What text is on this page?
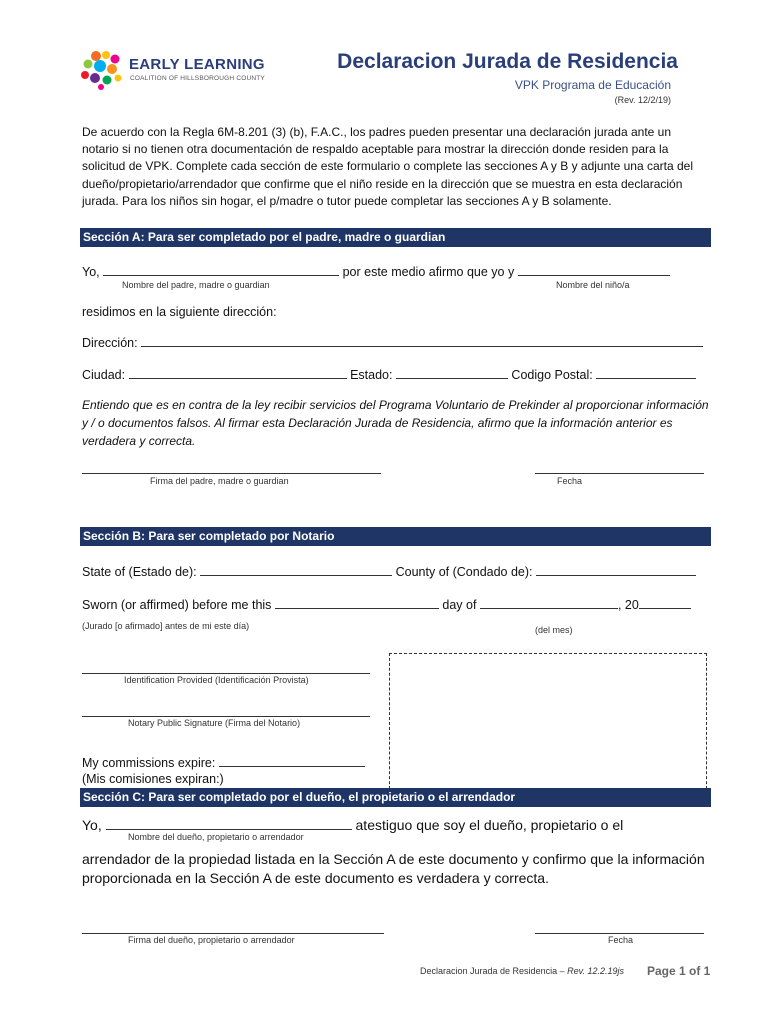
EARLY LEARNING
COALITION OF HILLSBOROUGH COUNTY
Declaracion Jurada de Residencia
VPK Programa de Educación
(Rev. 12/2/19)
De acuerdo con la Regla 6M-8.201 (3) (b), F.A.C., los padres pueden presentar una declaración jurada ante un notario si no tienen otra documentación de respaldo aceptable para mostrar la dirección donde residen para la solicitud de VPK. Complete cada sección de este formulario o complete las secciones A y B y adjunte una carta del dueño/propietario/arrendador que confirme que el niño reside en la dirección que se muestra en esta declaración jurada. Para los niños sin hogar, el p/madre o tutor puede completar las secciones A y B solamente.
Sección A: Para ser completado por el padre, madre o guardian
Yo,	por este medio afirmo que yo y
Nombre del padre, madre o guardian	Nombre del niño/a
residimos en la siguiente dirección:
Dirección:
Ciudad:	Estado:	Codigo Postal:
Entiendo que es en contra de la ley recibir servicios del Programa Voluntario de Prekinder al proporcionar información y / o documentos falsos. Al firmar esta Declaración Jurada de Residencia, afirmo que la información anterior es verdadera y correcta.
Firma del padre, madre o guardian	Fecha
Sección B: Para ser completado por Notario
State of (Estado de):	County of (Condado de):
Sworn (or affirmed) before me this	day of	, 20
(Jurado [o afirmado] antes de mi este día)	(del mes)
Identification Provided (Identificación Provista)
Notary Public Signature (Firma del Notario)
My commissions expire:
(Mis comisiones expiran:)
Sección C: Para ser completado por el dueño, el propietario o el arrendador
Yo,	atestiguo que soy el dueño, propietario o el
Nombre del dueño, propietario o arrendador
arrendador de la propiedad listada en la Sección A de este documento y confirmo que la información proporcionada en la Sección A de este documento es verdadera y correcta.
Firma del dueño, propietario o arrendador	Fecha
Declaracion Jurada de Residencia – Rev. 12.2.19js Page 1 of 1
